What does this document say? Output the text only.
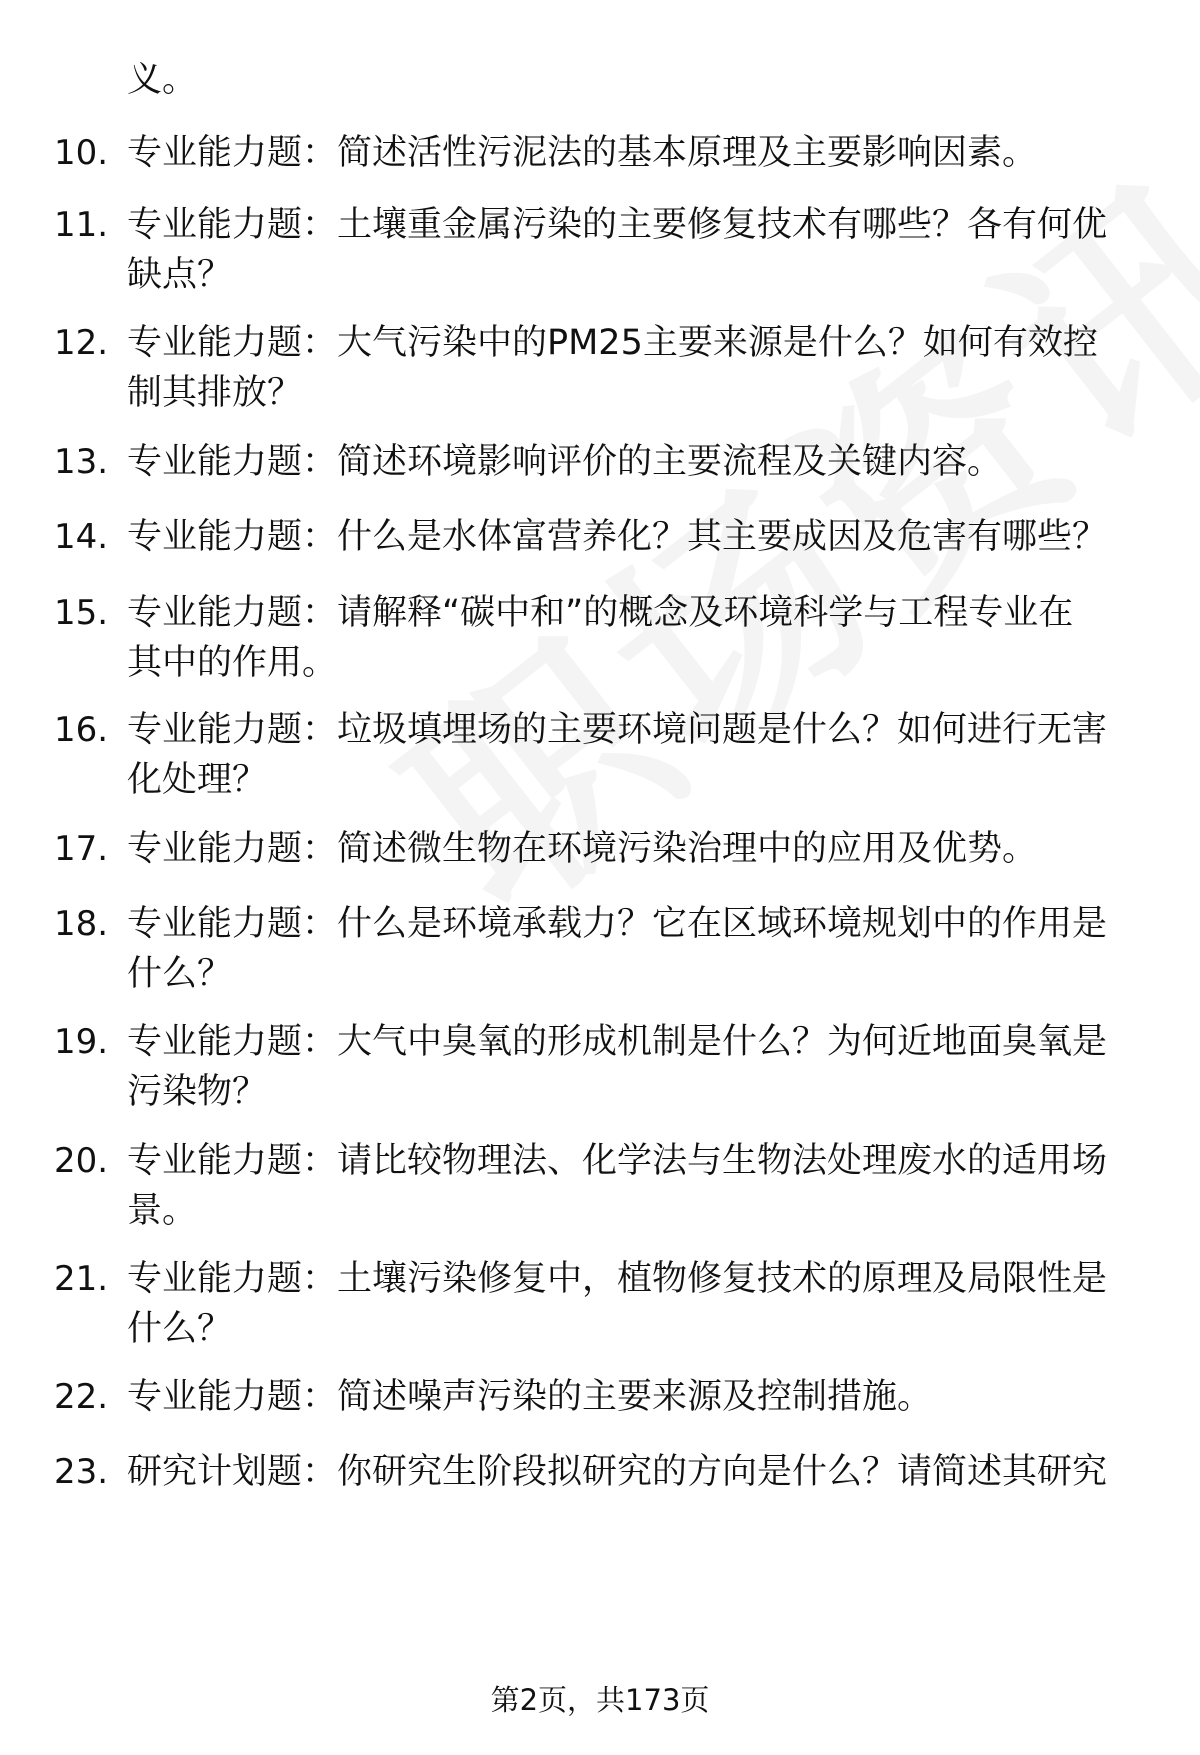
义。
10. 专业能力题：简述活性污泥法的基本原理及主要影响因素。
11. 专业能力题：土壤重金属污染的主要修复技术有哪些？各有何优
缺点？
12. 专业能力题：大气污染中的PM25主要来源是什么？如何有效控
制其排放？
13. 专业能力题：简述环境影响评价的主要流程及关键内容。
14. 专业能力题：什么是水体富营养化？其主要成因及危害有哪些？
15. 专业能力题：请解释“碳中和”的概念及环境科学与工程专业在
其中的作用。
16. 专业能力题：垃圾填埋场的主要环境问题是什么？如何进行无害
化处理？
17. 专业能力题：简述微生物在环境污染治理中的应用及优势。
18. 专业能力题：什么是环境承载力？它在区域环境规划中的作用是
什么？
19. 专业能力题：大气中臭氧的形成机制是什么？为何近地面臭氧是
污染物？
20. 专业能力题：请比较物理法、化学法与生物法处理废水的适用场
景。
21. 专业能力题：土壤污染修复中，植物修复技术的原理及局限性是
什么？
22. 专业能力题：简述噪声污染的主要来源及控制措施。
23. 研究计划题：你研究生阶段拟研究的方向是什么？请简述其研究
第2页，共173页
